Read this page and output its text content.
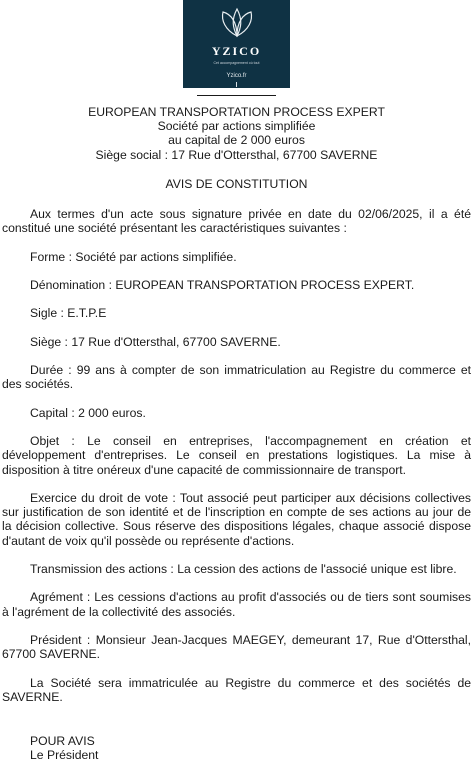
YZICO
Cet accompagnement où tout
Yzico.fr
EUROPEAN TRANSPORTATION PROCESS EXPERT
Société par actions simplifiée
au capital de 2 000 euros
Siège social : 17 Rue d'Ottersthal, 67700 SAVERNE
AVIS DE CONSTITUTION

Aux termes d'un acte sous signature privée en date du 02/06/2025, il a été constitué une société présentant les caractéristiques suivantes :

Forme : Société par actions simplifiée.

Dénomination : EUROPEAN TRANSPORTATION PROCESS EXPERT.

Sigle : E.T.P.E

Siège : 17 Rue d'Ottersthal, 67700 SAVERNE.

Durée : 99 ans à compter de son immatriculation au Registre du commerce et des sociétés.

Capital : 2 000 euros.

Objet : Le conseil en entreprises, l'accompagnement en création et développement d'entreprises. Le conseil en prestations logistiques. La mise à disposition à titre onéreux d'une capacité de commissionnaire de transport.

Exercice du droit de vote : Tout associé peut participer aux décisions collectives sur justification de son identité et de l'inscription en compte de ses actions au jour de la décision collective. Sous réserve des dispositions légales, chaque associé dispose d'autant de voix qu'il possède ou représente d'actions.

Transmission des actions : La cession des actions de l'associé unique est libre.

Agrément : Les cessions d'actions au profit d'associés ou de tiers sont soumises à l'agrément de la collectivité des associés.

Président : Monsieur Jean-Jacques MAEGEY, demeurant 17, Rue d'Ottersthal, 67700 SAVERNE.

La Société sera immatriculée au Registre du commerce et des sociétés de SAVERNE.

POUR AVIS
Le Président
